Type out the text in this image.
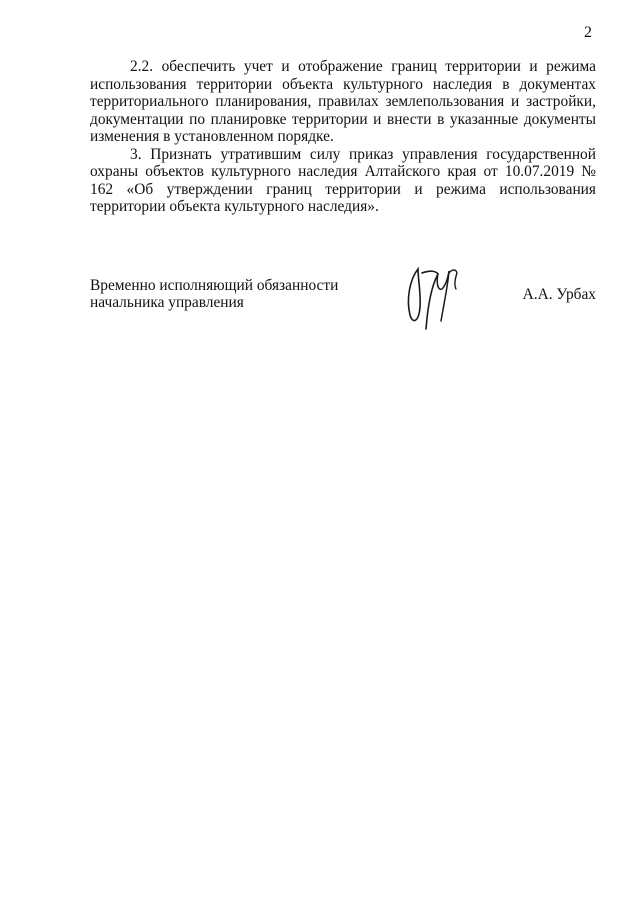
2

2.2. обеспечить учет и отображение границ территории и режима использования территории объекта культурного наследия в документах территориального планирования, правилах землепользования и застройки, документации по планировке территории и внести в указанные документы изменения в установленном порядке.

3. Признать утратившим силу приказ управления государственной охраны объектов культурного наследия Алтайского края от 10.07.2019 № 162 «Об утверждении границ территории и режима использования территории объекта культурного наследия».

Временно исполняющий обязанности
начальника управления	А.А. Урбах
